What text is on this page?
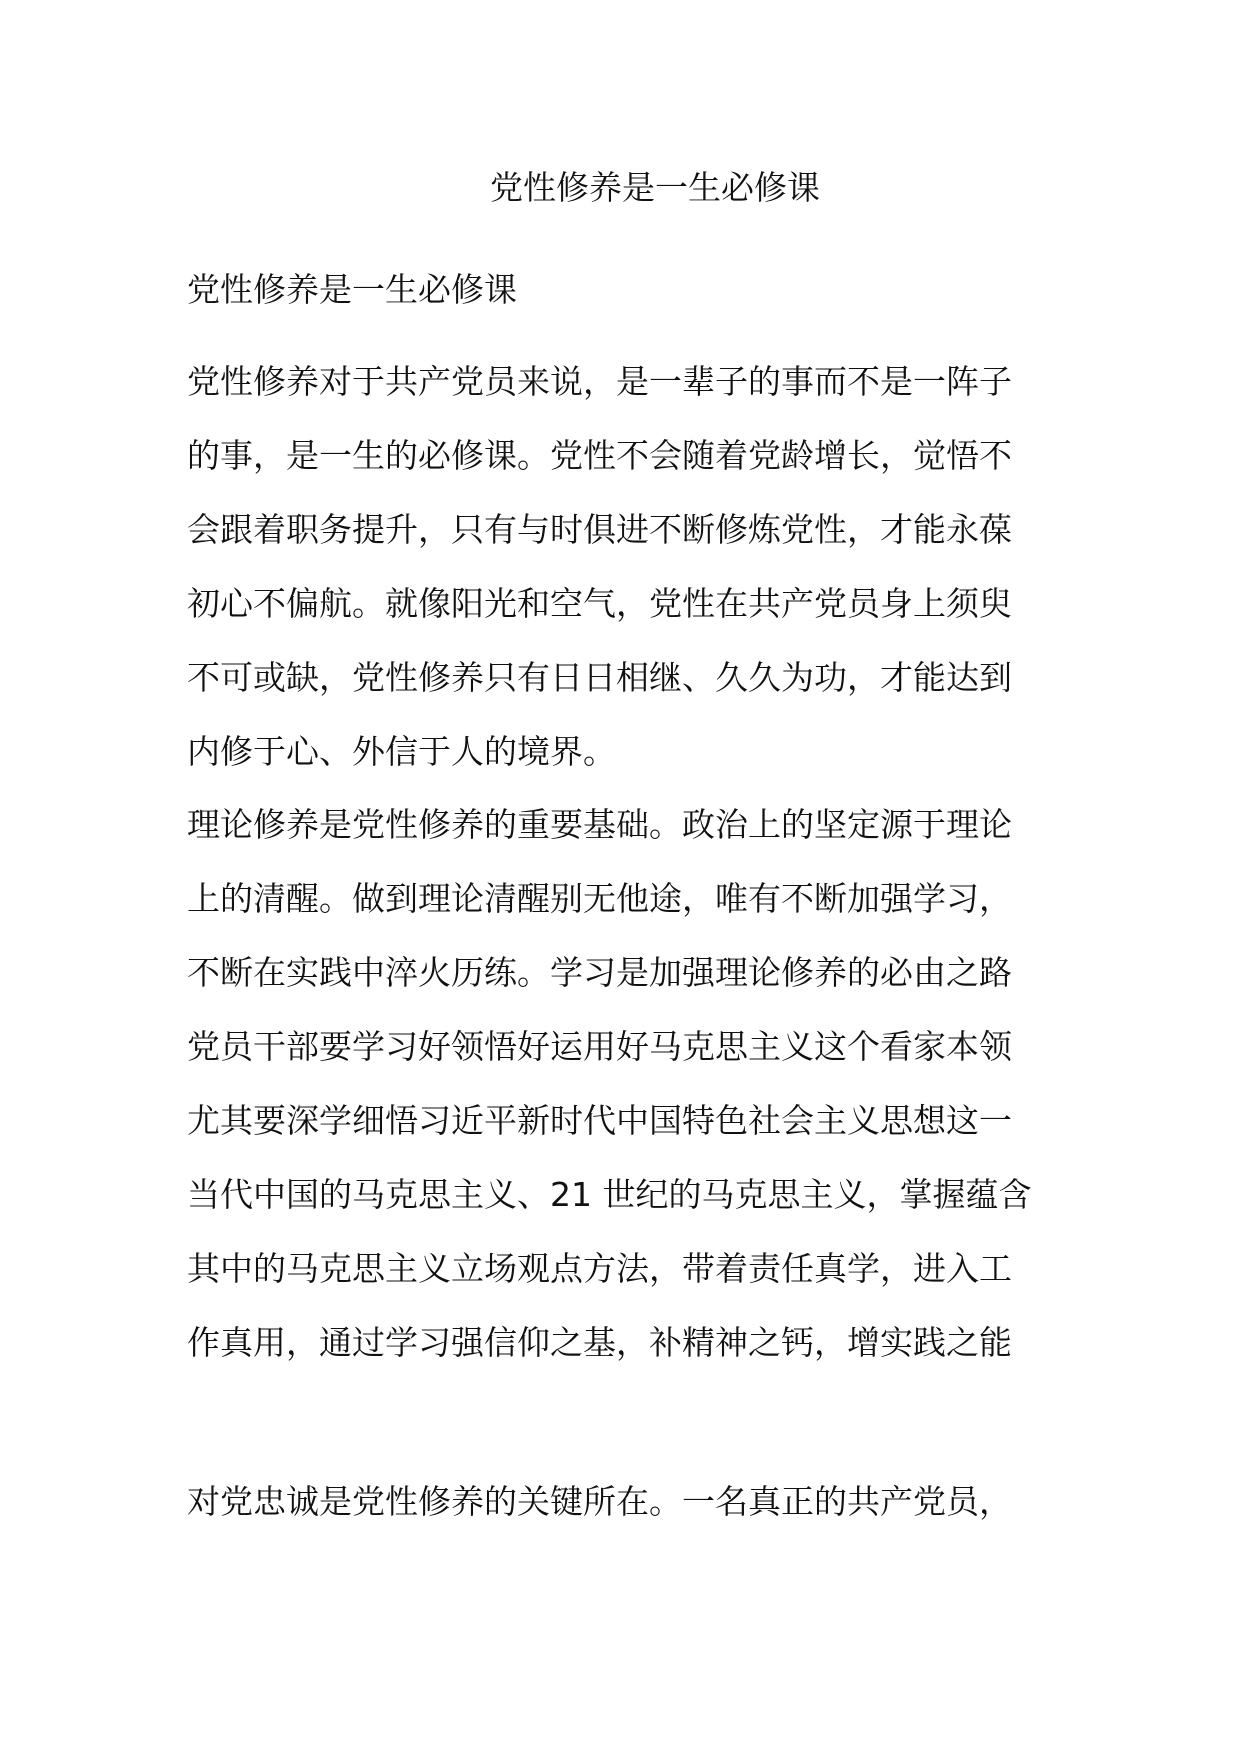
党性修养是一生必修课
党性修养是一生必修课
党性修养对于共产党员来说，是一辈子的事而不是一阵子
的事，是一生的必修课。党性不会随着党龄增长，觉悟不
会跟着职务提升，只有与时俱进不断修炼党性，才能永葆
初心不偏航。就像阳光和空气，党性在共产党员身上须臾
不可或缺，党性修养只有日日相继、久久为功，才能达到
内修于心、外信于人的境界。
理论修养是党性修养的重要基础。政治上的坚定源于理论
上的清醒。做到理论清醒别无他途，唯有不断加强学习，
不断在实践中淬火历练。学习是加强理论修养的必由之路
党员干部要学习好领悟好运用好马克思主义这个看家本领
尤其要深学细悟习近平新时代中国特色社会主义思想这一
当代中国的马克思主义、21 世纪的马克思主义，掌握蕴含
其中的马克思主义立场观点方法，带着责任真学，进入工
作真用，通过学习强信仰之基，补精神之钙，增实践之能
对党忠诚是党性修养的关键所在。一名真正的共产党员，
